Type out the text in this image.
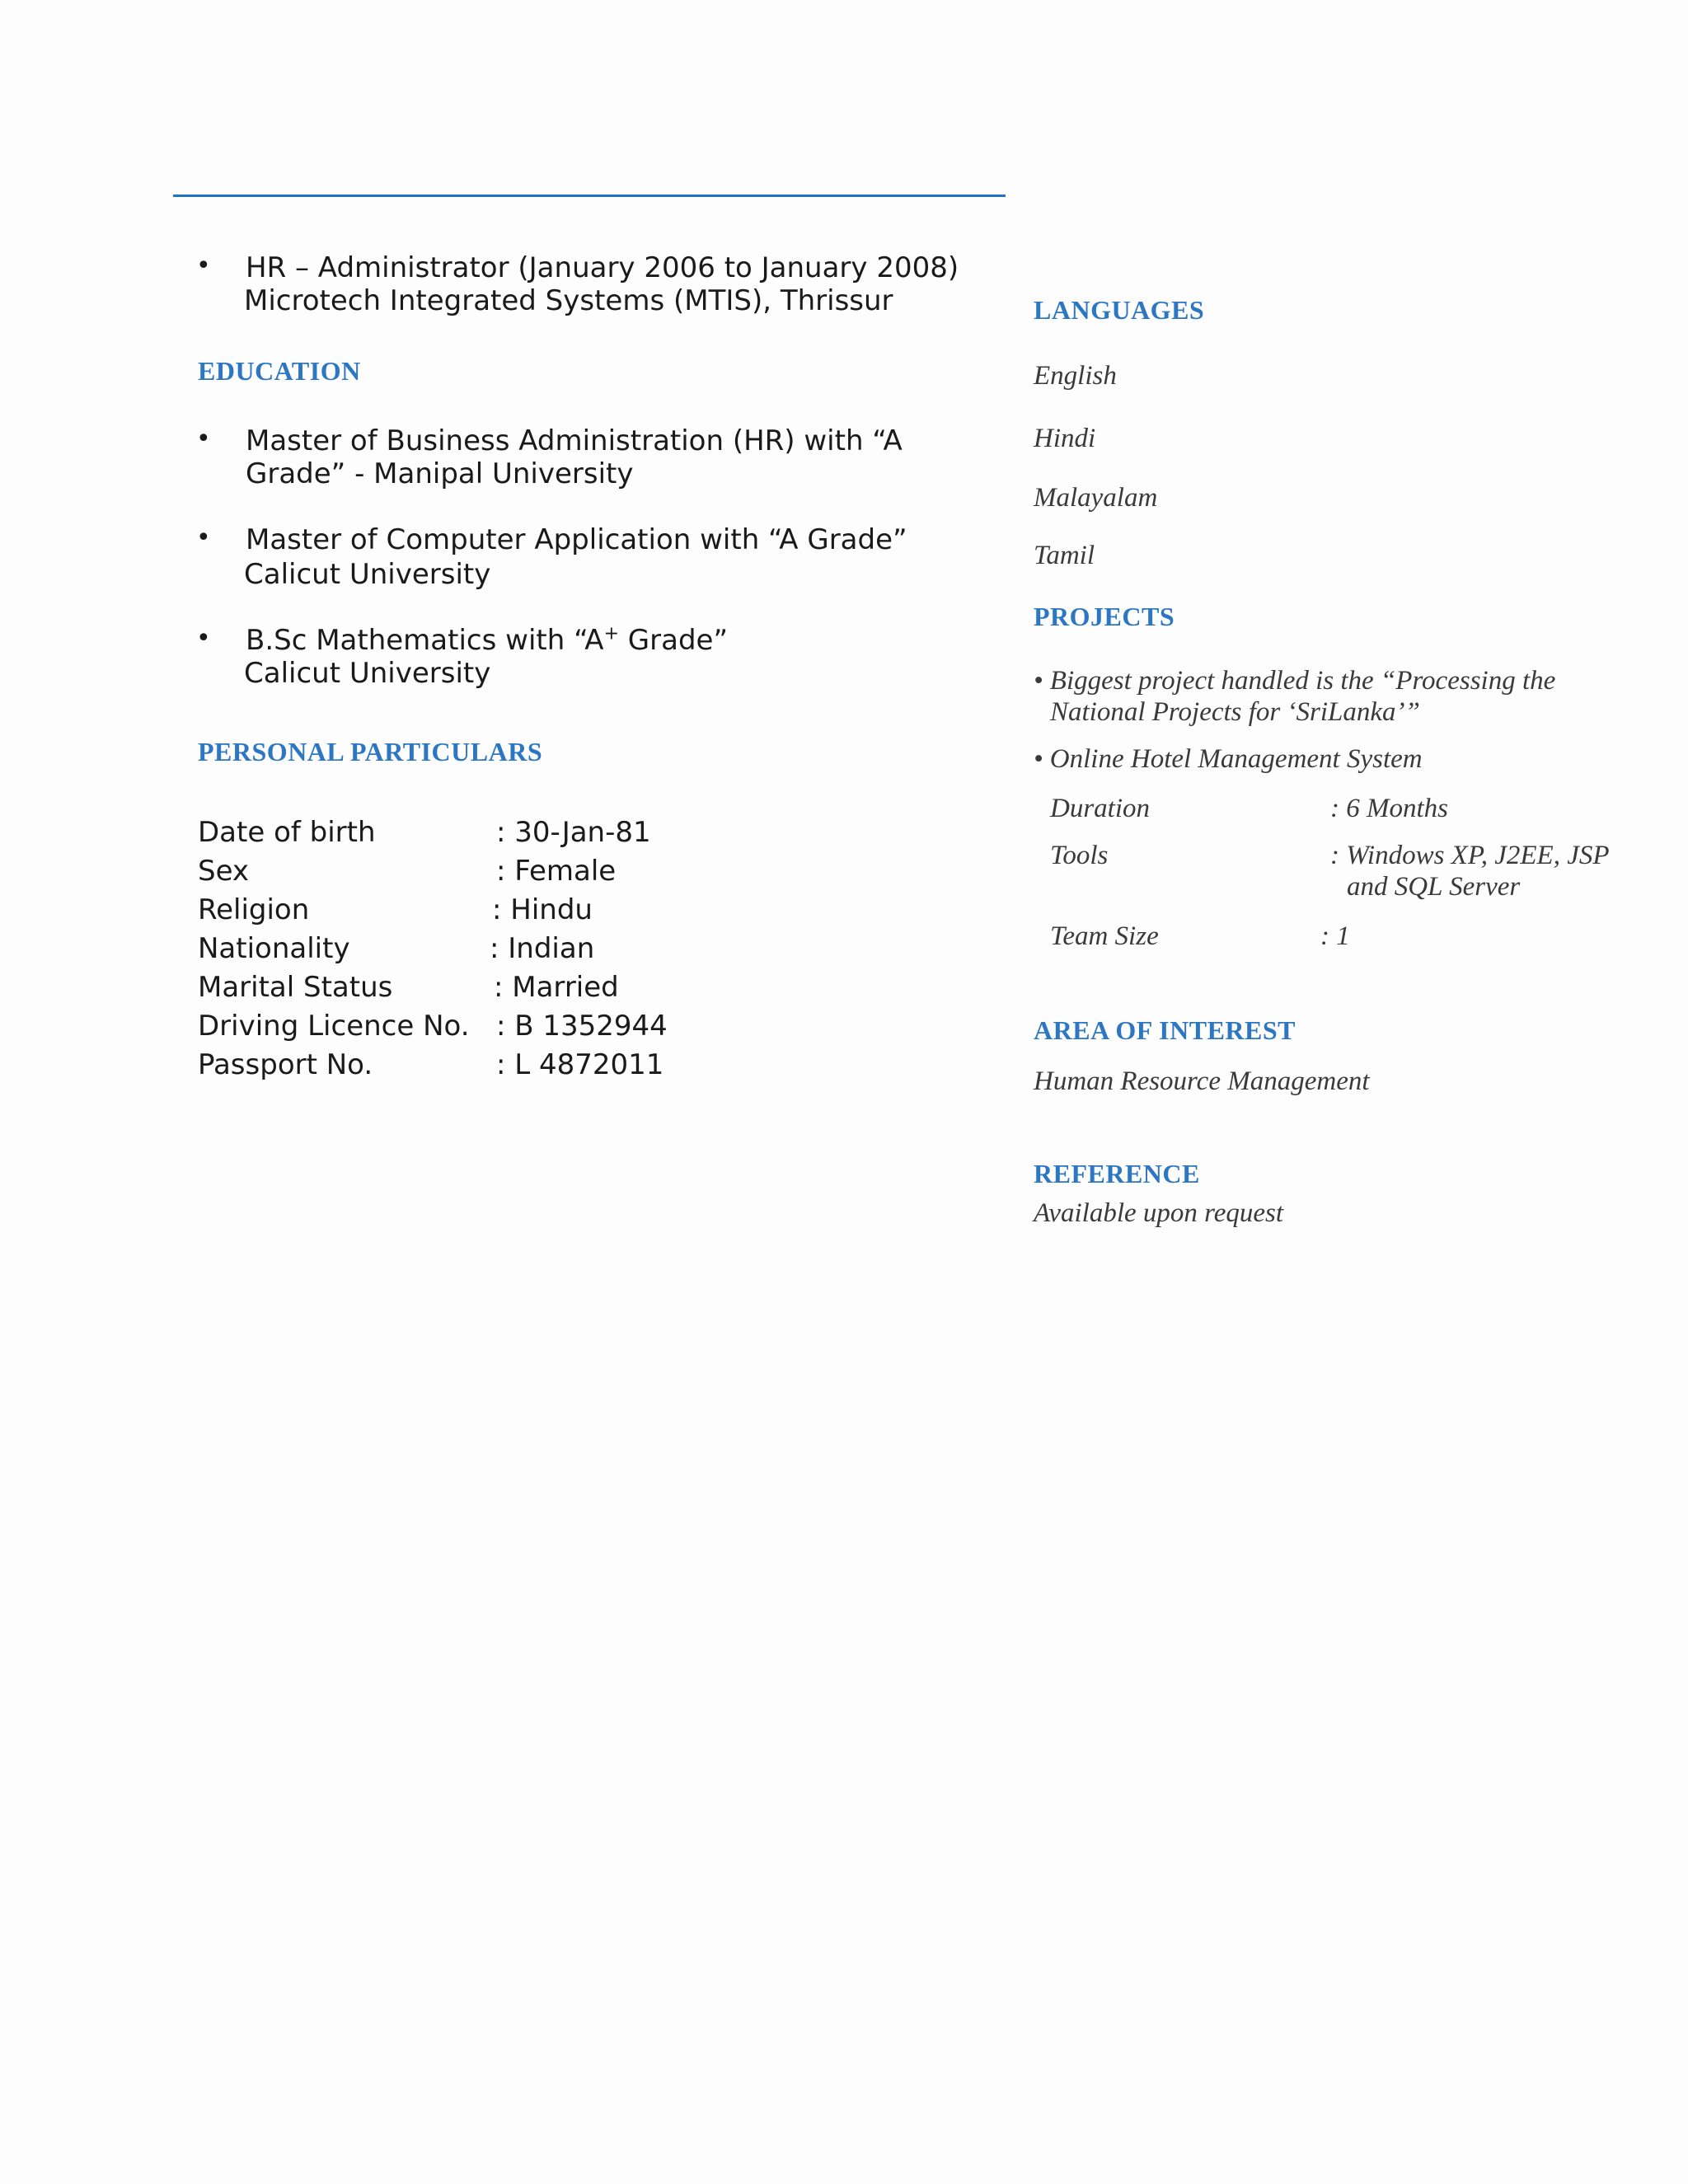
• HR – Administrator (January 2006 to January 2008)
Microtech Integrated Systems (MTIS), Thrissur
EDUCATION
• Master of Business Administration (HR) with “A
Grade” - Manipal University
• Master of Computer Application with “A Grade”
Calicut University
• B.Sc Mathematics with “A+ Grade”
Calicut University
PERSONAL PARTICULARS
Date of birth	: 30-Jan-81
Sex	: Female
Religion	: Hindu
Nationality	: Indian
Marital Status	: Married
Driving Licence No. : B 1352944
Passport No.	: L 4872011
LANGUAGES
English
Hindi
Malayalam
Tamil
PROJECTS
• Biggest project handled is the “Processing the
National Projects for ‘SriLanka’”
• Online Hotel Management System
Duration	: 6 Months
Tools	: Windows XP, J2EE, JSP
and SQL Server
Team Size	: 1
AREA OF INTEREST
Human Resource Management
REFERENCE
Available upon request
